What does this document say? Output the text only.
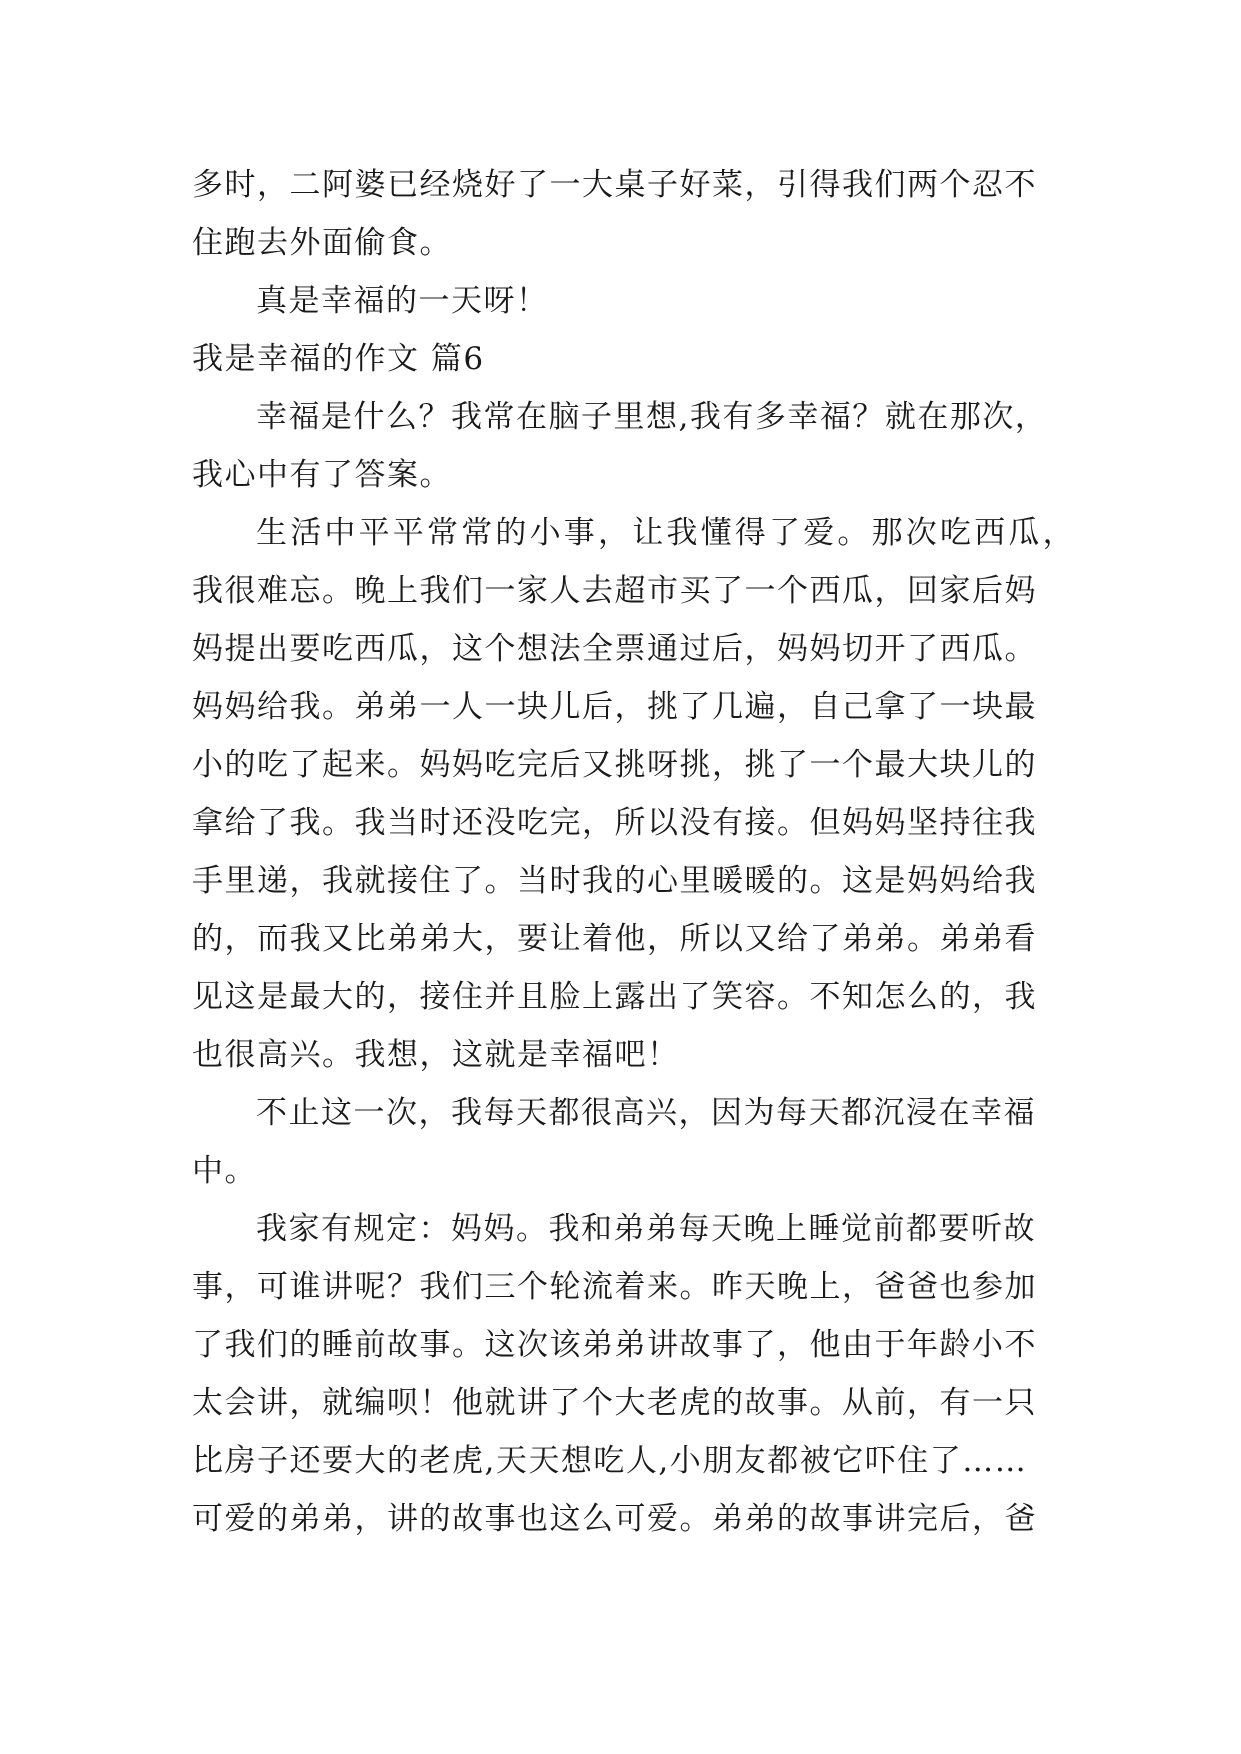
多时，二阿婆已经烧好了一大桌子好菜，引得我们两个忍不
住跑去外面偷食。
真是幸福的一天呀！
我是幸福的作文 篇6
幸福是什么？我常在脑子里想,我有多幸福？就在那次，
我心中有了答案。
生活中平平常常的小事，让我懂得了爱。那次吃西瓜，
我很难忘。晚上我们一家人去超市买了一个西瓜，回家后妈
妈提出要吃西瓜，这个想法全票通过后，妈妈切开了西瓜。
妈妈给我。弟弟一人一块儿后，挑了几遍，自己拿了一块最
小的吃了起来。妈妈吃完后又挑呀挑，挑了一个最大块儿的
拿给了我。我当时还没吃完，所以没有接。但妈妈坚持往我
手里递，我就接住了。当时我的心里暖暖的。这是妈妈给我
的，而我又比弟弟大，要让着他，所以又给了弟弟。弟弟看
见这是最大的，接住并且脸上露出了笑容。不知怎么的，我
也很高兴。我想，这就是幸福吧！
不止这一次，我每天都很高兴，因为每天都沉浸在幸福
中。
我家有规定：妈妈。我和弟弟每天晚上睡觉前都要听故
事，可谁讲呢？我们三个轮流着来。昨天晚上，爸爸也参加
了我们的睡前故事。这次该弟弟讲故事了，他由于年龄小不
太会讲，就编呗！他就讲了个大老虎的故事。从前，有一只
比房子还要大的老虎,天天想吃人,小朋友都被它吓住了……
可爱的弟弟，讲的故事也这么可爱。弟弟的故事讲完后，爸
